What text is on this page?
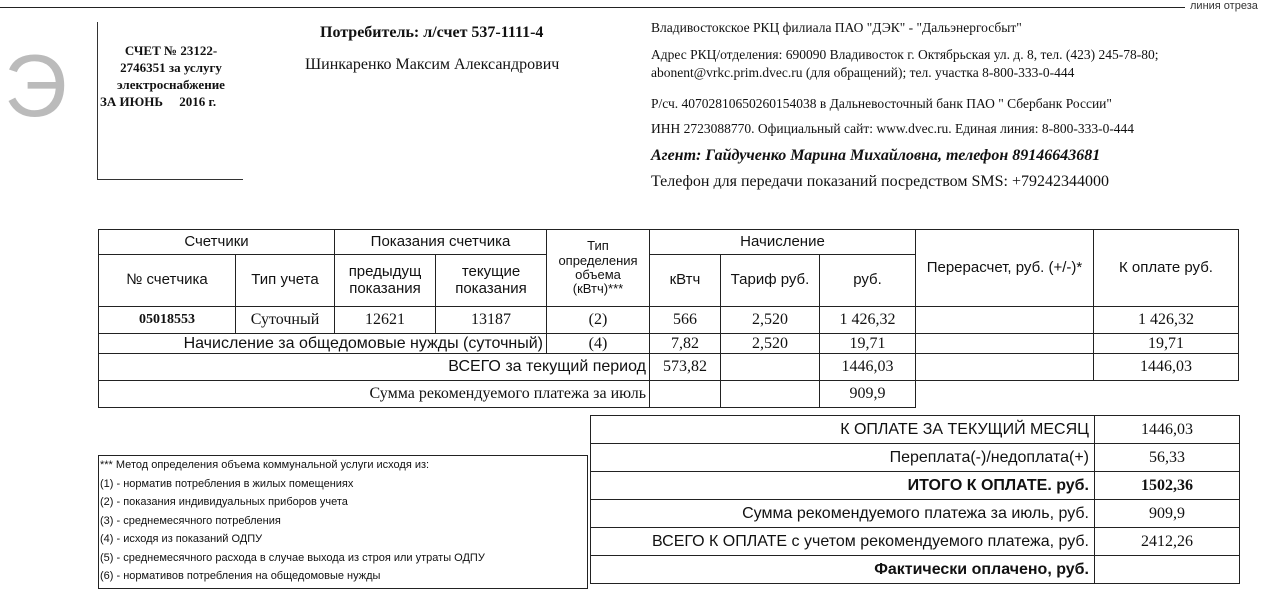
линия отреза
Э	СЧЕТ № 23122-
2746351 за услугу
электроснабжение
ЗА ИЮНЬ     2016 г.
Потребитель: л/счет 537-1111-4
Шинкаренко Максим Александрович
Владивостокское РКЦ филиала ПАО "ДЭК" - "Дальэнергосбыт"
Адрес РКЦ/отделения: 690090 Владивосток г. Октябрьская ул. д. 8, тел. (423) 245-78-80;
abonent@vrkc.prim.dvec.ru (для обращений); тел. участка 8-800-333-0-444
Р/сч. 40702810650260154038 в Дальневосточный банк ПАО " Сбербанк России"
ИНН 2723088770. Официальный сайт: www.dvec.ru. Единая линия: 8-800-333-0-444
Агент: Гайдученко Марина Михайловна, телефон 89146643681
Телефон для передачи показаний посредством SMS: +79242344000
Счетчики		Показания счетчика		Тип определения объема (кВтч)***	Начисление			Перерасчет, руб. (+/-)*	К оплате руб.
№ счетчика	Тип учета	предыдущ показания	текущие показания		кВтч	Тариф руб.	руб.		
05018553	Суточный	12621	13187	(2)	566	2,520	1 426,32		1 426,32
Начисление за общедомовые нужды (суточный)				(4)	7,82	2,520	19,71		19,71
ВСЕГО за текущий период					573,82		1446,03		1446,03
Сумма рекомендуемого платежа за июль							909,9		
К ОПЛАТЕ ЗА ТЕКУЩИЙ МЕСЯЦ	1446,03
Переплата(-)/недоплата(+)	56,33
ИТОГО К ОПЛАТЕ. руб.	1502,36
Сумма рекомендуемого платежа за июль, руб.	909,9
ВСЕГО К ОПЛАТЕ с учетом рекомендуемого платежа, руб.	2412,26
Фактически оплачено, руб.	
*** Метод определения объема коммунальной услуги исходя из:
(1) - норматив потребления в жилых помещениях
(2) - показания индивидуальных приборов учета
(3) - среднемесячного потребления
(4) - исходя из показаний ОДПУ
(5) - среднемесячного расхода в случае выхода из строя или утраты ОДПУ
(6) - нормативов потребления на общедомовые нужды
